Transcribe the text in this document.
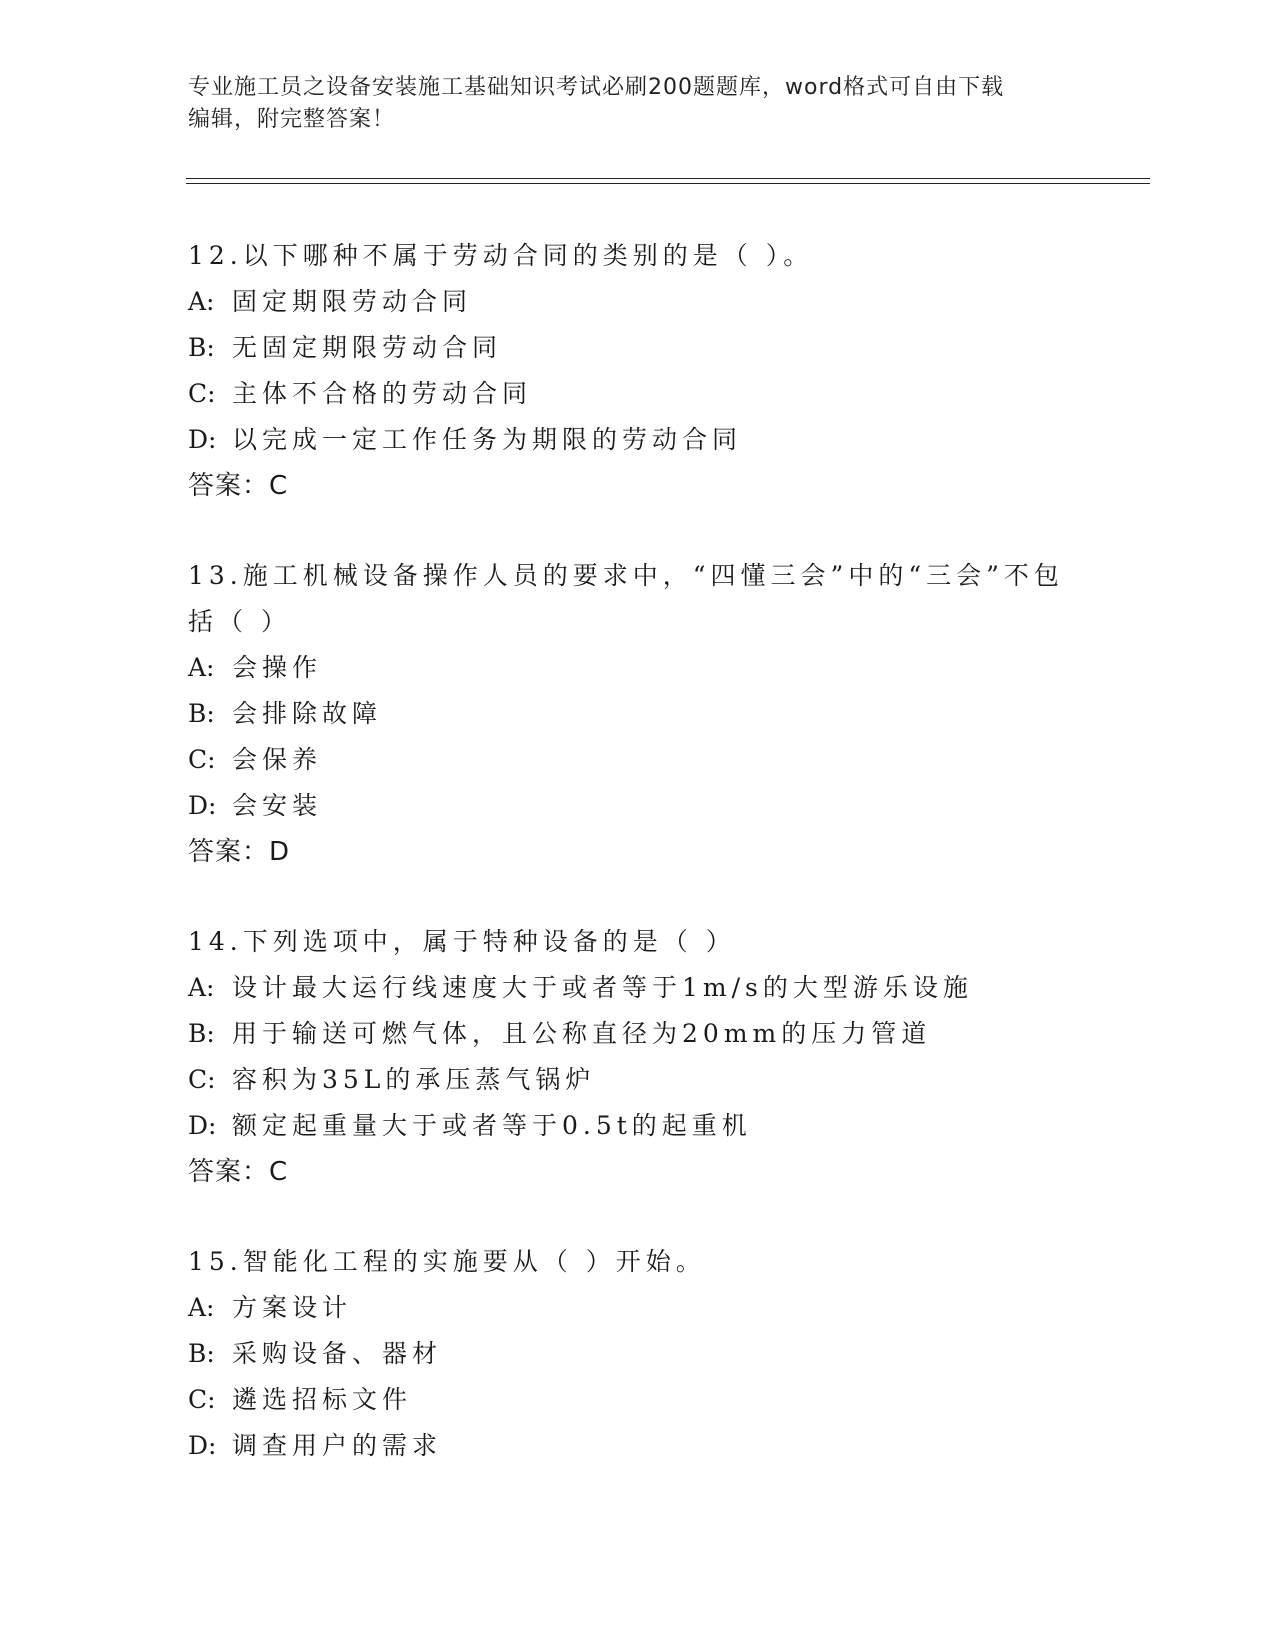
专业施工员之设备安装施工基础知识考试必刷200题题库，word格式可自由下载
编辑，附完整答案！
12.以下哪种不属于劳动合同的类别的是（ ）。
A: 固定期限劳动合同
B: 无固定期限劳动合同
C: 主体不合格的劳动合同
D: 以完成一定工作任务为期限的劳动合同
答案：C
13.施工机械设备操作人员的要求中，“四懂三会”中的“三会”不包
括（ ）
A: 会操作
B: 会排除故障
C: 会保养
D: 会安装
答案：D
14.下列选项中，属于特种设备的是（ ）
A: 设计最大运行线速度大于或者等于1m/s的大型游乐设施
B: 用于输送可燃气体，且公称直径为20mm的压力管道
C: 容积为35L的承压蒸气锅炉
D: 额定起重量大于或者等于0.5t的起重机
答案：C
15.智能化工程的实施要从（ ）开始。
A: 方案设计
B: 采购设备、器材
C: 遴选招标文件
D: 调查用户的需求
